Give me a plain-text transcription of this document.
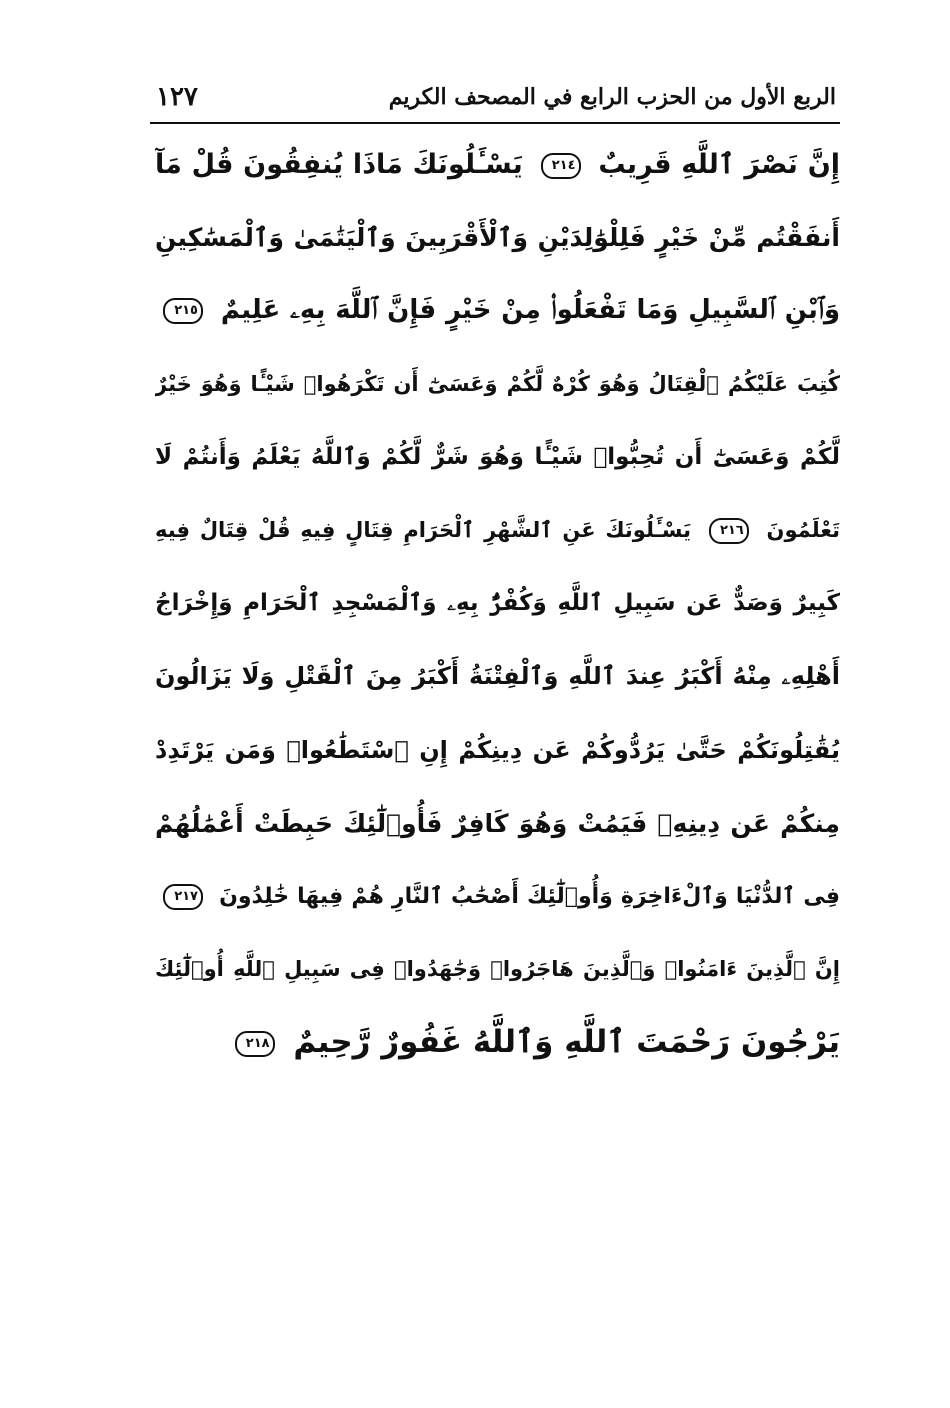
١٢٧	الربع الأول من الحزب الرابع في المصحف الكريم
إِنَّ نَصْرَ ٱللَّهِ قَرِيبٌ ٢١٤ يَسْـَٔلُونَكَ مَاذَا يُنفِقُونَ قُلْ مَآ
أَنفَقْتُم مِّنْ خَيْرٍ فَلِلْوَٰلِدَيْنِ وَٱلْأَقْرَبِينَ وَٱلْيَتَٰمَىٰ وَٱلْمَسَٰكِينِ
وَٱبْنِ ٱلسَّبِيلِ وَمَا تَفْعَلُوا۟ مِنْ خَيْرٍ فَإِنَّ ٱللَّهَ بِهِۦ عَلِيمٌ ٢١٥
كُتِبَ عَلَيْكُمُ ٱلْقِتَالُ وَهُوَ كُرْهٌ لَّكُمْ وَعَسَىٰٓ أَن تَكْرَهُوا۟ شَيْـًٔا وَهُوَ خَيْرٌ
لَّكُمْ وَعَسَىٰٓ أَن تُحِبُّوا۟ شَيْـًٔا وَهُوَ شَرٌّ لَّكُمْ وَٱللَّهُ يَعْلَمُ وَأَنتُمْ لَا
تَعْلَمُونَ ٢١٦ يَسْـَٔلُونَكَ عَنِ ٱلشَّهْرِ ٱلْحَرَامِ قِتَالٍ فِيهِ قُلْ قِتَالٌ فِيهِ
كَبِيرٌ وَصَدٌّ عَن سَبِيلِ ٱللَّهِ وَكُفْرٌۢ بِهِۦ وَٱلْمَسْجِدِ ٱلْحَرَامِ وَإِخْرَاجُ
أَهْلِهِۦ مِنْهُ أَكْبَرُ عِندَ ٱللَّهِ وَٱلْفِتْنَةُ أَكْبَرُ مِنَ ٱلْقَتْلِ وَلَا يَزَالُونَ
يُقَٰتِلُونَكُمْ حَتَّىٰ يَرُدُّوكُمْ عَن دِينِكُمْ إِنِ ٱسْتَطَٰعُوا۟ وَمَن يَرْتَدِدْ
مِنكُمْ عَن دِينِهِۦ فَيَمُتْ وَهُوَ كَافِرٌ فَأُو۟لَٰٓئِكَ حَبِطَتْ أَعْمَٰلُهُمْ
فِى ٱلدُّنْيَا وَٱلْءَاخِرَةِ وَأُو۟لَٰٓئِكَ أَصْحَٰبُ ٱلنَّارِ هُمْ فِيهَا خَٰلِدُونَ ٢١٧
إِنَّ ٱلَّذِينَ ءَامَنُوا۟ وَٱلَّذِينَ هَاجَرُوا۟ وَجَٰهَدُوا۟ فِى سَبِيلِ ٱللَّهِ أُو۟لَٰٓئِكَ
يَرْجُونَ رَحْمَتَ ٱللَّهِ وَٱللَّهُ غَفُورٌ رَّحِيمٌ ٢١٨
